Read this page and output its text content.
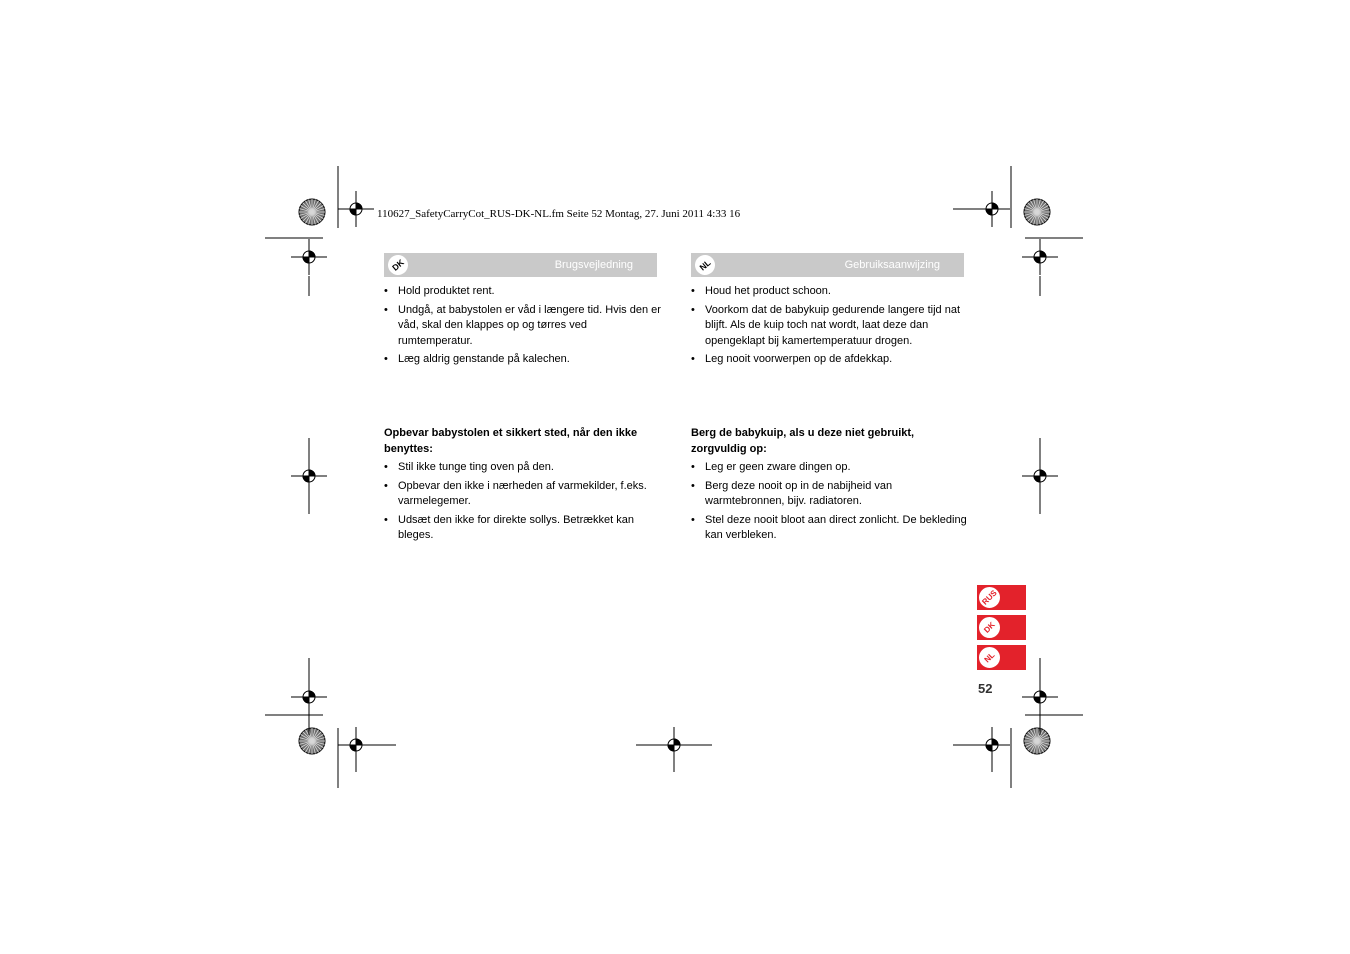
110627_SafetyCarryCot_RUS-DK-NL.fm Seite 52 Montag, 27. Juni 2011 4:33 16
DK	Brugsvejledning	NL	Gebruiksaanwijzing
• Hold produktet rent.
• Undgå, at babystolen er våd i længere tid. Hvis den er våd, skal den klappes op og tørres ved rumtemperatur.
• Læg aldrig genstande på kalechen.
Opbevar babystolen et sikkert sted, når den ikke benyttes:
• Stil ikke tunge ting oven på den.
• Opbevar den ikke i nærheden af varmekilder, f.eks. varmelegemer.
• Udsæt den ikke for direkte sollys. Betrækket kan bleges.
• Houd het product schoon.
• Voorkom dat de babykuip gedurende langere tijd nat blijft. Als de kuip toch nat wordt, laat deze dan opengeklapt bij kamertemperatuur drogen.
• Leg nooit voorwerpen op de afdekkap.
Berg de babykuip, als u deze niet gebruikt, zorgvuldig op:
• Leg er geen zware dingen op.
• Berg deze nooit op in de nabijheid van warmtebronnen, bijv. radiatoren.
• Stel deze nooit bloot aan direct zonlicht. De bekleding kan verbleken.
RUS
DK
NL
52
